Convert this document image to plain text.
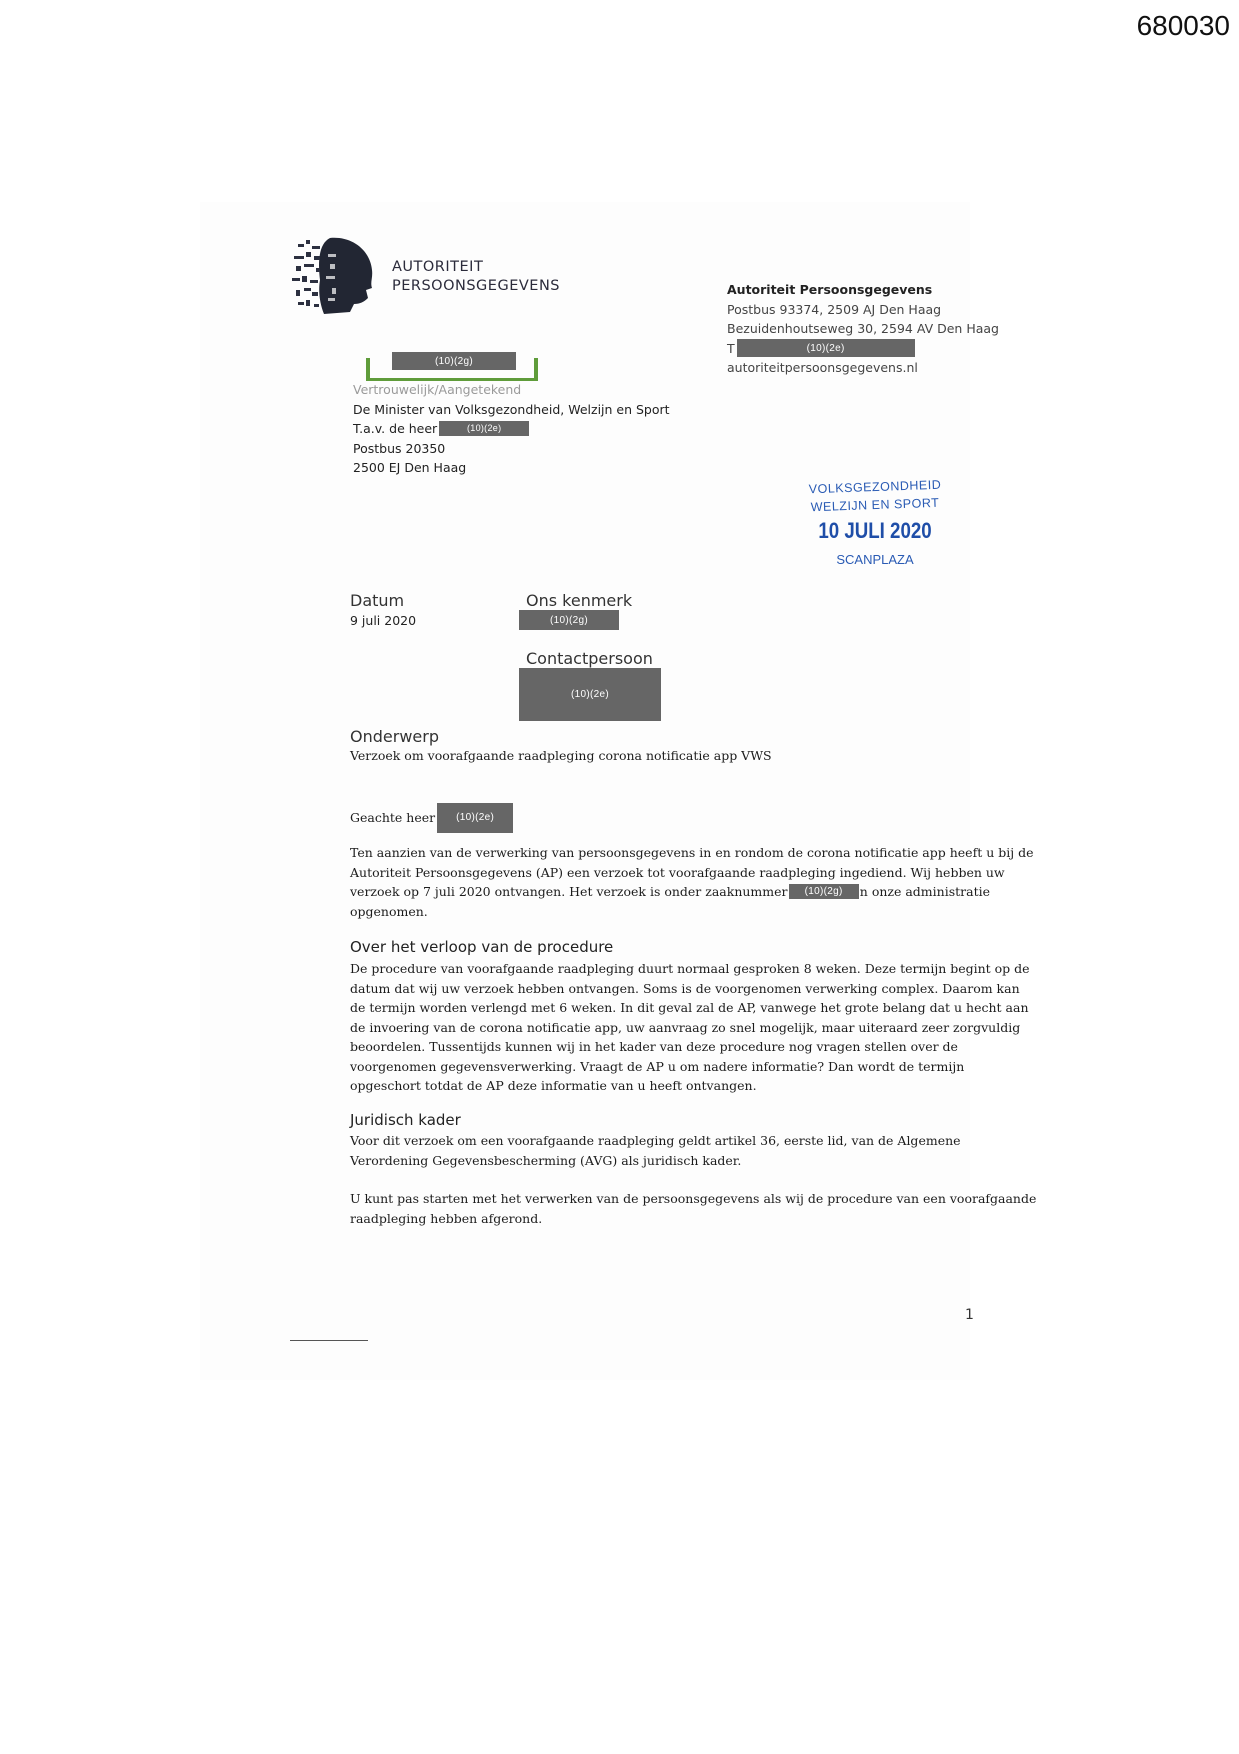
680030
AUTORITEIT
PERSOONSGEGEVENS	Autoriteit Persoonsgegevens
Postbus 93374, 2509 AJ Den Haag
Bezuidenhoutseweg 30, 2594 AV Den Haag
T	(10)(2e)
autoriteitpersoonsgegevens.nl
(10)(2g)
Vertrouwelijk/Aangetekend
De Minister van Volksgezondheid, Welzijn en Sport
T.a.v. de heer	(10)(2e)
Postbus 20350
2500 EJ Den Haag
VOLKSGEZONDHEID
WELZIJN EN SPORT
10 JULI 2020
SCANPLAZA
Datum
9 juli 2020
Ons kenmerk
(10)(2g)
Contactpersoon
(10)(2e)
Onderwerp
Verzoek om voorafgaande raadpleging corona notificatie app VWS
Geachte heer	(10)(2e)
Ten aanzien van de verwerking van persoonsgegevens in en rondom de corona notificatie app heeft u bij de
Autoriteit Persoonsgegevens (AP) een verzoek tot voorafgaande raadpleging ingediend. Wij hebben uw
verzoek op 7 juli 2020 ontvangen. Het verzoek is onder zaaknummer	(10)(2g)	n onze administratie
opgenomen.
Over het verloop van de procedure
De procedure van voorafgaande raadpleging duurt normaal gesproken 8 weken. Deze termijn begint op de
datum dat wij uw verzoek hebben ontvangen. Soms is de voorgenomen verwerking complex. Daarom kan
de termijn worden verlengd met 6 weken. In dit geval zal de AP, vanwege het grote belang dat u hecht aan
de invoering van de corona notificatie app, uw aanvraag zo snel mogelijk, maar uiteraard zeer zorgvuldig
beoordelen. Tussentijds kunnen wij in het kader van deze procedure nog vragen stellen over de
voorgenomen gegevensverwerking. Vraagt de AP u om nadere informatie? Dan wordt de termijn
opgeschort totdat de AP deze informatie van u heeft ontvangen.
Juridisch kader
Voor dit verzoek om een voorafgaande raadpleging geldt artikel 36, eerste lid, van de Algemene
Verordening Gegevensbescherming (AVG) als juridisch kader.
U kunt pas starten met het verwerken van de persoonsgegevens als wij de procedure van een voorafgaande
raadpleging hebben afgerond.
1
